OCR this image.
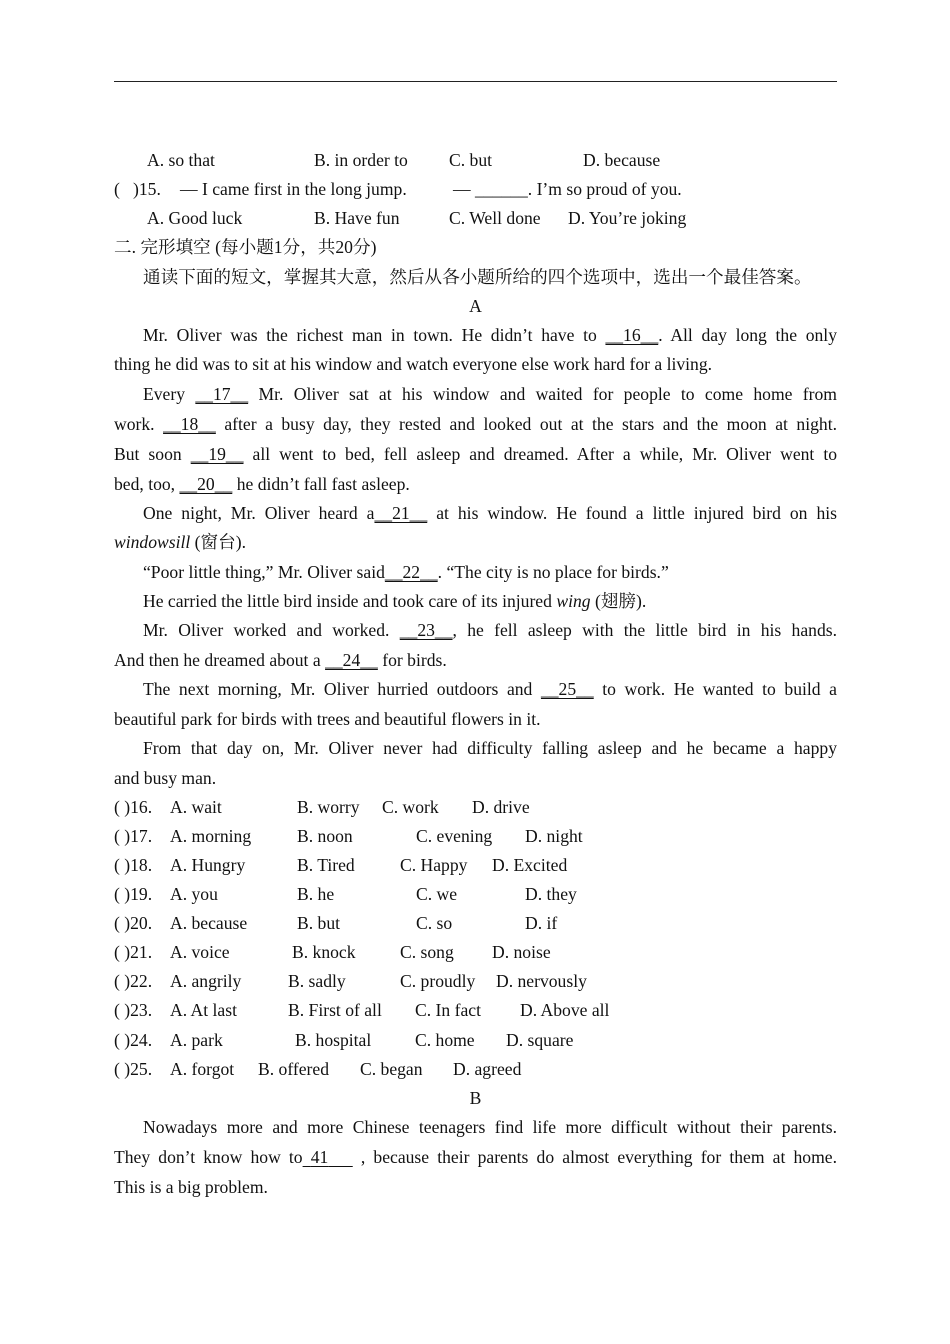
A. so that	B. in order to C. but	D. because
( )15. — I came first in the long jump.	— ______. I’m so proud of you.
A. Good luck	B. Have fun	C. Well done D. You’re joking
二. 完形填空 (每小题1分，共20分)
通读下面的短文，掌握其大意，然后从各小题所给的四个选项中，选出一个最佳答案。
A
Mr. Oliver was the richest man in town. He didn’t have to __16__. All day long the only
thing he did was to sit at his window and watch everyone else work hard for a living.
Every __17__ Mr. Oliver sat at his window and waited for people to come home from
work. __18__ after a busy day, they rested and looked out at the stars and the moon at night.
But soon __19__ all went to bed, fell asleep and dreamed. After a while, Mr. Oliver went to
bed, too, __20__ he didn’t fall fast asleep.
One night, Mr. Oliver heard a__21__ at his window. He found a little injured bird on his
windowsill (窗台).
“Poor little thing,” Mr. Oliver said__22__. “The city is no place for birds.”
He carried the little bird inside and took care of its injured wing (翅膀).
Mr. Oliver worked and worked. __23__, he fell asleep with the little bird in his hands.
And then he dreamed about a __24__ for birds.
The next morning, Mr. Oliver hurried outdoors and __25__ to work. He wanted to build a
beautiful park for birds with trees and beautiful flowers in it.
From that day on, Mr. Oliver never had difficulty falling asleep and he became a happy
and busy man.
( )16. A. wait	B. worry C. work D. drive
( )17. A. morning	B. noon	C. evening D. night
( )18. A. Hungry	B. Tired	C. Happy D. Excited
( )19. A. you	B. he	C. we	D. they
( )20. A. because	B. but	C. so	D. if
( )21. A. voice	B. knock	C. song D. noise
( )22. A. angrily	B. sadly	C. proudly D. nervously
( )23. A. At last	B. First of all C. In fact D. Above all
( )24. A. park	B. hospital C. home D. square
( )25. A. forgot B. offered C. began D. agreed
B
Nowadays more and more Chinese teenagers find life more difficult without their parents.
They don’t know how to 41 , because their parents do almost everything for them at home.
This is a big problem.
